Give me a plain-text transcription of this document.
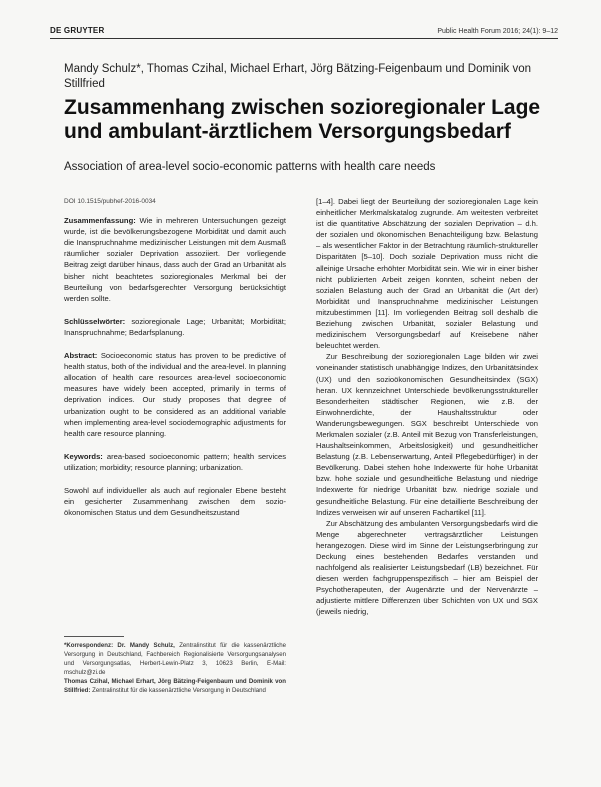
DE GRUYTER	Public Health Forum 2016; 24(1): 9–12
Mandy Schulz*, Thomas Czihal, Michael Erhart, Jörg Bätzing-Feigenbaum und Dominik von Stillfried
Zusammenhang zwischen sozioregionaler Lage und ambulant-ärztlichem Versorgungsbedarf
Association of area-level socio-economic patterns with health care needs
DOI 10.1515/pubhef-2016-0034

Zusammenfassung: Wie in mehreren Untersuchungen gezeigt wurde, ist die bevölkerungsbezogene Morbidität und damit auch die Inanspruchnahme medizinischer Leistungen mit dem Ausmaß räumlicher sozialer Deprivation assoziiert. Der vorliegende Beitrag zeigt darüber hinaus, dass auch der Grad an Urbanität als bisher nicht beachtetes sozioregionales Merkmal bei der Beurteilung von bedarfsgerechter Versorgung berücksichtigt werden sollte.

Schlüsselwörter: sozioregionale Lage; Urbanität; Morbidität; Inanspruchnahme; Bedarfsplanung.

Abstract: Socioeconomic status has proven to be predictive of health status, both of the individual and the area-level. In planning allocation of health care resources area-level socioeconomic measures have widely been accepted, primarily in terms of deprivation indices. Our study proposes that degree of urbanization ought to be considered as an additional variable when implementing area-level sociodemographic adjustments for health care resource planning.

Keywords: area-based socioeconomic pattern; health services utilization; morbidity; resource planning; urbanization.

Sowohl auf individueller als auch auf regionaler Ebene besteht ein gesicherter Zusammenhang zwischen dem sozio-ökonomischen Status und dem Gesundheitszustand

*Korrespondenz: Dr. Mandy Schulz, Zentralinstitut für die kassenärztliche Versorgung in Deutschland, Fachbereich Regionalisierte Versorgungsanalysen und Versorgungsatlas, Herbert-Lewin-Platz 3, 10623 Berlin, E-Mail: mschulz@zi.de

Thomas Czihal, Michael Erhart, Jörg Bätzing-Feigenbaum und Dominik von Stillfried: Zentralinstitut für die kassenärztliche Versorgung in Deutschland

[1–4]. Dabei liegt der Beurteilung der sozioregionalen Lage kein einheitlicher Merkmalskatalog zugrunde. Am weitesten verbreitet ist die quantitative Abschätzung der sozialen Deprivation – d.h. der sozialen und ökonomischen Benachteiligung bzw. Belastung – als wesentlicher Faktor in der Betrachtung räumlich-struktureller Disparitäten [5–10]. Doch soziale Deprivation muss nicht die alleinige Ursache erhöhter Morbidität sein. Wie wir in einer bisher nicht publizierten Arbeit zeigen konnten, scheint neben der sozialen Belastung auch der Grad an Urbanität die (Art der) Morbidität und Inanspruchnahme medizinischer Leistungen mitzubestimmen [11]. Im vorliegenden Beitrag soll deshalb die Beziehung zwischen Urbanität, sozialer Belastung und medizinischem Versorgungsbedarf auf Kreisebene näher beleuchtet werden.

Zur Beschreibung der sozioregionalen Lage bilden wir zwei voneinander statistisch unabhängige Indizes, den Urbanitätsindex (UX) und den sozioökonomischen Gesundheitsindex (SGX) heran. UX kennzeichnet Unterschiede bevölkerungsstruktureller Besonderheiten städtischer Regionen, wie z.B. der Einwohnerdichte, der Haushaltsstruktur oder Wanderungsbewegungen. SGX beschreibt Unterschiede von Merkmalen sozialer (z.B. Anteil mit Bezug von Transferleistungen, Haushaltseinkommen, Arbeitslosigkeit) und gesundheitlicher Belastung (z.B. Lebenserwartung, Anteil Pflegebedürftiger) in der Bevölkerung. Dabei stehen hohe Indexwerte für hohe Urbanität bzw. hohe soziale und gesundheitliche Belastung und niedrige Indexwerte für niedrige Urbanität bzw. niedrige soziale und gesundheitliche Belastung. Für eine detaillierte Beschreibung der Indizes verweisen wir auf unseren Fachartikel [11].

Zur Abschätzung des ambulanten Versorgungsbedarfs wird die Menge abgerechneter vertragsärztlicher Leistungen herangezogen. Diese wird im Sinne der Leistungserbringung zur Deckung eines bestehenden Bedarfes verstanden und nachfolgend als realisierter Leistungsbedarf (LB) bezeichnet. Für diesen werden fachgruppenspezifisch – hier am Beispiel der Psychotherapeuten, der Augenärzte und der Nervenärzte – adjustierte mittlere Differenzen über Schichten von UX und SGX (jeweils niedrig,
